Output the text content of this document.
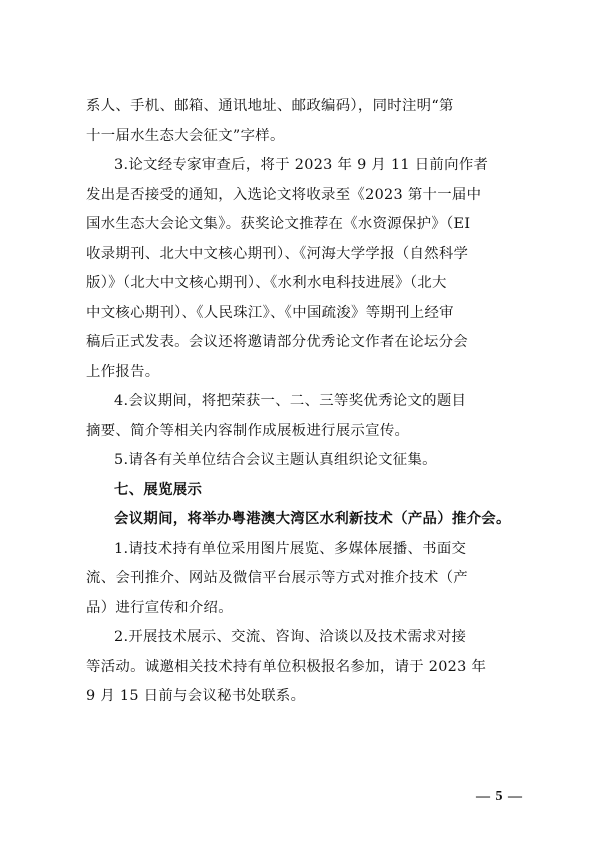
系人、手机、邮箱、通讯地址、邮政编码），同时注明“第
十一届水生态大会征文”字样。
3.论文经专家审查后，将于 2023 年 9 月 11 日前向作者
发出是否接受的通知，入选论文将收录至《2023 第十一届中
国水生态大会论文集》。获奖论文推荐在《水资源保护》（EI
收录期刊、北大中文核心期刊）、《河海大学学报（自然科学
版）》（北大中文核心期刊）、《水利水电科技进展》（北大
中文核心期刊）、《人民珠江》、《中国疏浚》等期刊上经审
稿后正式发表。会议还将邀请部分优秀论文作者在论坛分会
上作报告。
4.会议期间，将把荣获一、二、三等奖优秀论文的题目
摘要、简介等相关内容制作成展板进行展示宣传。
5.请各有关单位结合会议主题认真组织论文征集。
七、展览展示
会议期间，将举办粤港澳大湾区水利新技术（产品）推介会。
1.请技术持有单位采用图片展览、多媒体展播、书面交
流、会刊推介、网站及微信平台展示等方式对推介技术（产
品）进行宣传和介绍。
2.开展技术展示、交流、咨询、洽谈以及技术需求对接
等活动。诚邀相关技术持有单位积极报名参加，请于 2023 年
9 月 15 日前与会议秘书处联系。
— 5 —
